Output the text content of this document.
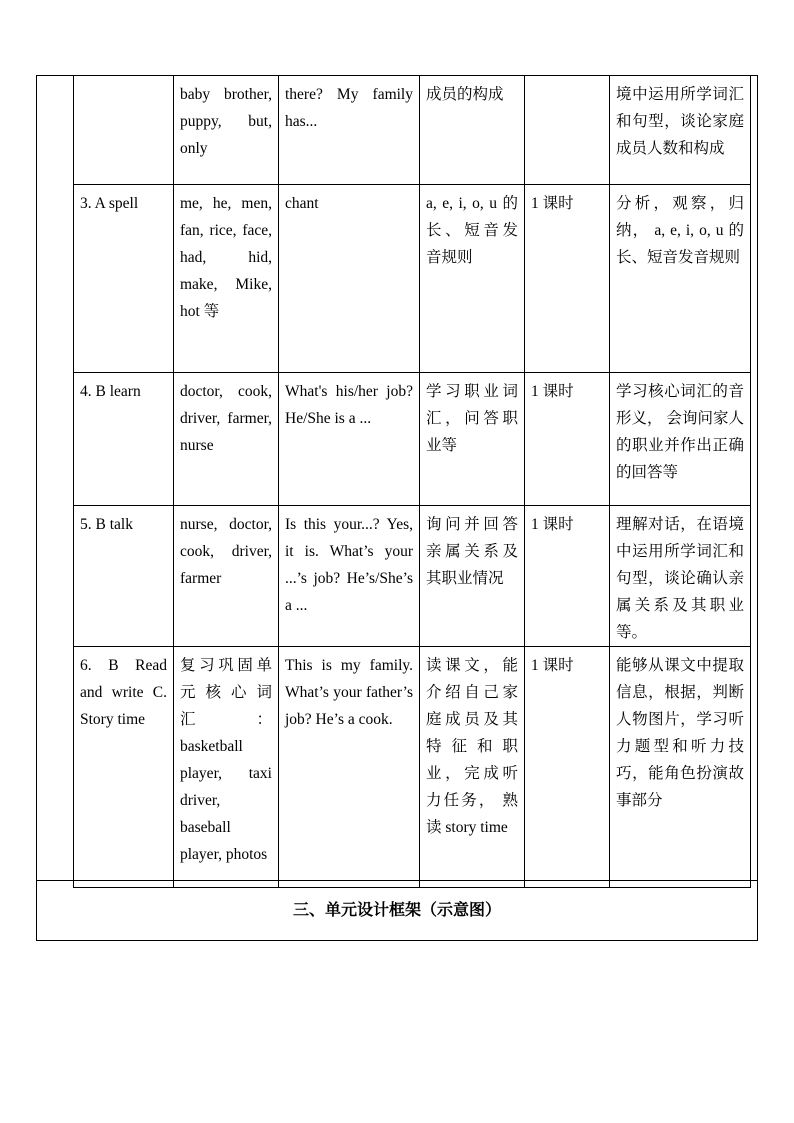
	baby brother, puppy, but, only	there? My family has...	成员的构成		境中运用所学词汇和句型，谈论家庭成员人数和构成
3. A spell	me, he, men, fan, rice, face, had, hid, make, Mike, hot 等	chant	a, e, i, o, u 的长、短音发音规则	1 课时	分析，观察，归纳， a, e, i, o, u 的长、短音发音规则
4. B learn	doctor, cook, driver, farmer, nurse	What's his/her job? He/She is a ...	学习职业词汇，问答职业等	1 课时	学习核心词汇的音形义， 会询问家人的职业并作出正确的回答等
5. B talk	nurse, doctor, cook, driver, farmer	Is this your...? Yes, it is. What’s your ...’s job? He’s/She’s a ...	询问并回答亲属关系及其职业情况	1 课时	理解对话，在语境中运用所学词汇和句型，谈论确认亲属关系及其职业等。
6. B Read and write C. Story time	复习巩固单元核心词汇： basketball player, taxi driver, baseball player, photos	This is my family. What’s your father’s job? He’s a cook.	读课文，能介绍自己家庭成员及其特征和职业，完成听力任务， 熟读 story time	1 课时	能够从课文中提取信息，根据，判断人物图片，学习听力题型和听力技巧，能角色扮演故事部分
三、单元设计框架（示意图）
